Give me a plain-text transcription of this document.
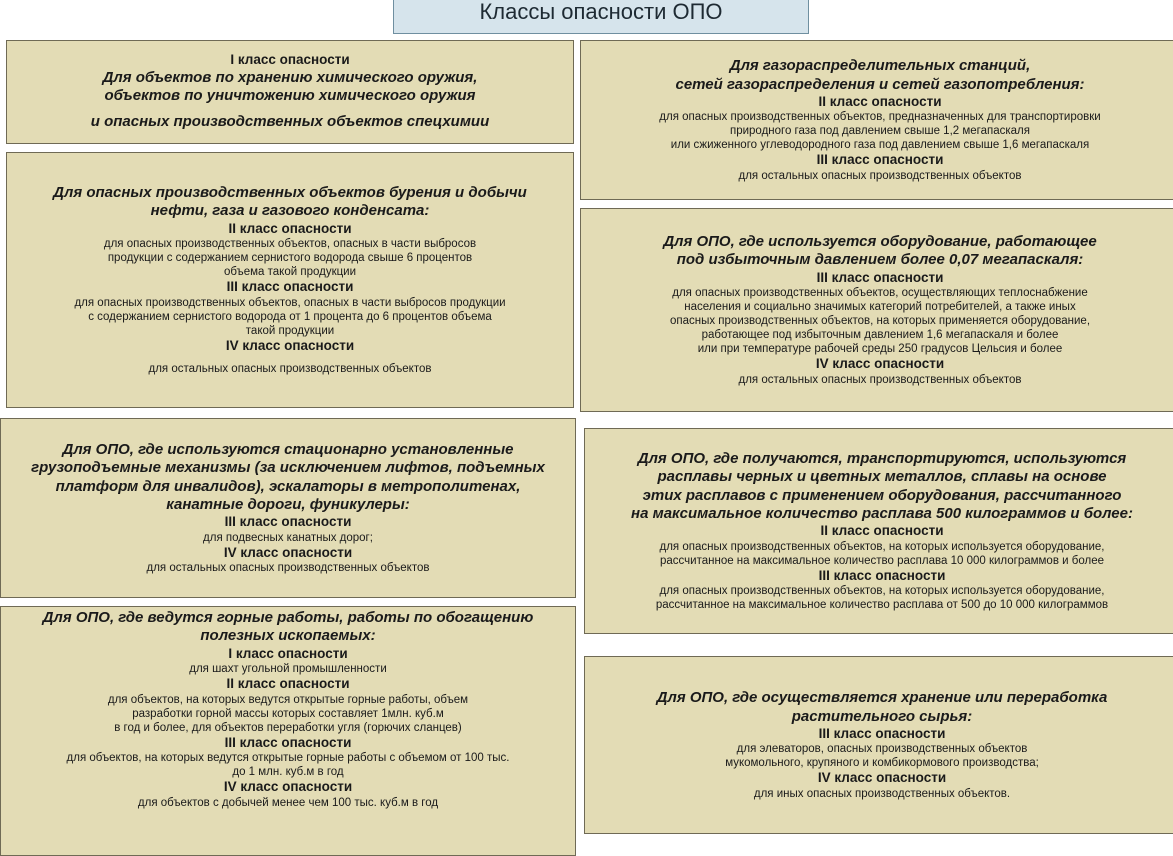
Классы опасности ОПО
I класс опасности
Для объектов по хранению химического оружия,
объектов по уничтожению химического оружия
и опасных производственных объектов спецхимии
Для опасных производственных объектов бурения и добычи
нефти, газа и газового конденсата:
II класс опасности
для опасных производственных объектов, опасных в части выбросов
продукции с содержанием сернистого водорода свыше 6 процентов
объема такой продукции
III класс опасности
для опасных производственных объектов, опасных в части выбросов продукции
с содержанием сернистого водорода от 1 процента до 6 процентов объема
такой продукции
IV класс опасности
для остальных опасных производственных объектов
Для ОПО, где используются стационарно установленные
грузоподъемные механизмы (за исключением лифтов, подъемных
платформ для инвалидов), эскалаторы в метрополитенах,
канатные дороги, фуникулеры:
III класс опасности
для подвесных канатных дорог;
IV класс опасности
для остальных опасных производственных объектов
Для ОПО, где ведутся горные работы, работы по обогащению
полезных ископаемых:
I класс опасности
для шахт угольной промышленности
II класс опасности
для объектов, на которых ведутся открытые горные работы, объем
разработки горной массы которых составляет 1млн. куб.м
в год и более, для объектов переработки угля (горючих сланцев)
III класс опасности
для объектов, на которых ведутся открытые горные работы с объемом от 100 тыс.
до 1 млн. куб.м в год
IV класс опасности
для объектов с добычей менее чем 100 тыс. куб.м в год
Для газораспределительных станций,
сетей газораспределения и сетей газопотребления:
II класс опасности
для опасных производственных объектов, предназначенных для транспортировки
природного газа под давлением свыше 1,2 мегапаскаля
или сжиженного углеводородного газа под давлением свыше 1,6 мегапаскаля
III класс опасности
для остальных опасных производственных объектов
Для ОПО, где используется оборудование, работающее
под избыточным давлением более 0,07 мегапаскаля:
III класс опасности
для опасных производственных объектов, осуществляющих теплоснабжение
населения и социально значимых категорий потребителей, а также иных
опасных производственных объектов, на которых применяется оборудование,
работающее под избыточным давлением 1,6 мегапаскаля и более
или при температуре рабочей среды 250 градусов Цельсия и более
IV класс опасности
для остальных опасных производственных объектов
Для ОПО, где получаются, транспортируются, используются
расплавы черных и цветных металлов, сплавы на основе
этих расплавов с применением оборудования, рассчитанного
на максимальное количество расплава 500 килограммов и более:
II класс опасности
для опасных производственных объектов, на которых используется оборудование,
рассчитанное на максимальное количество расплава 10 000 килограммов и более
III класс опасности
для опасных производственных объектов, на которых используется оборудование,
рассчитанное на максимальное количество расплава от 500 до 10 000 килограммов
Для ОПО, где осуществляется хранение или переработка
растительного сырья:
III класс опасности
для элеваторов, опасных производственных объектов
мукомольного, крупяного и комбикормового производства;
IV класс опасности
для иных опасных производственных объектов.
